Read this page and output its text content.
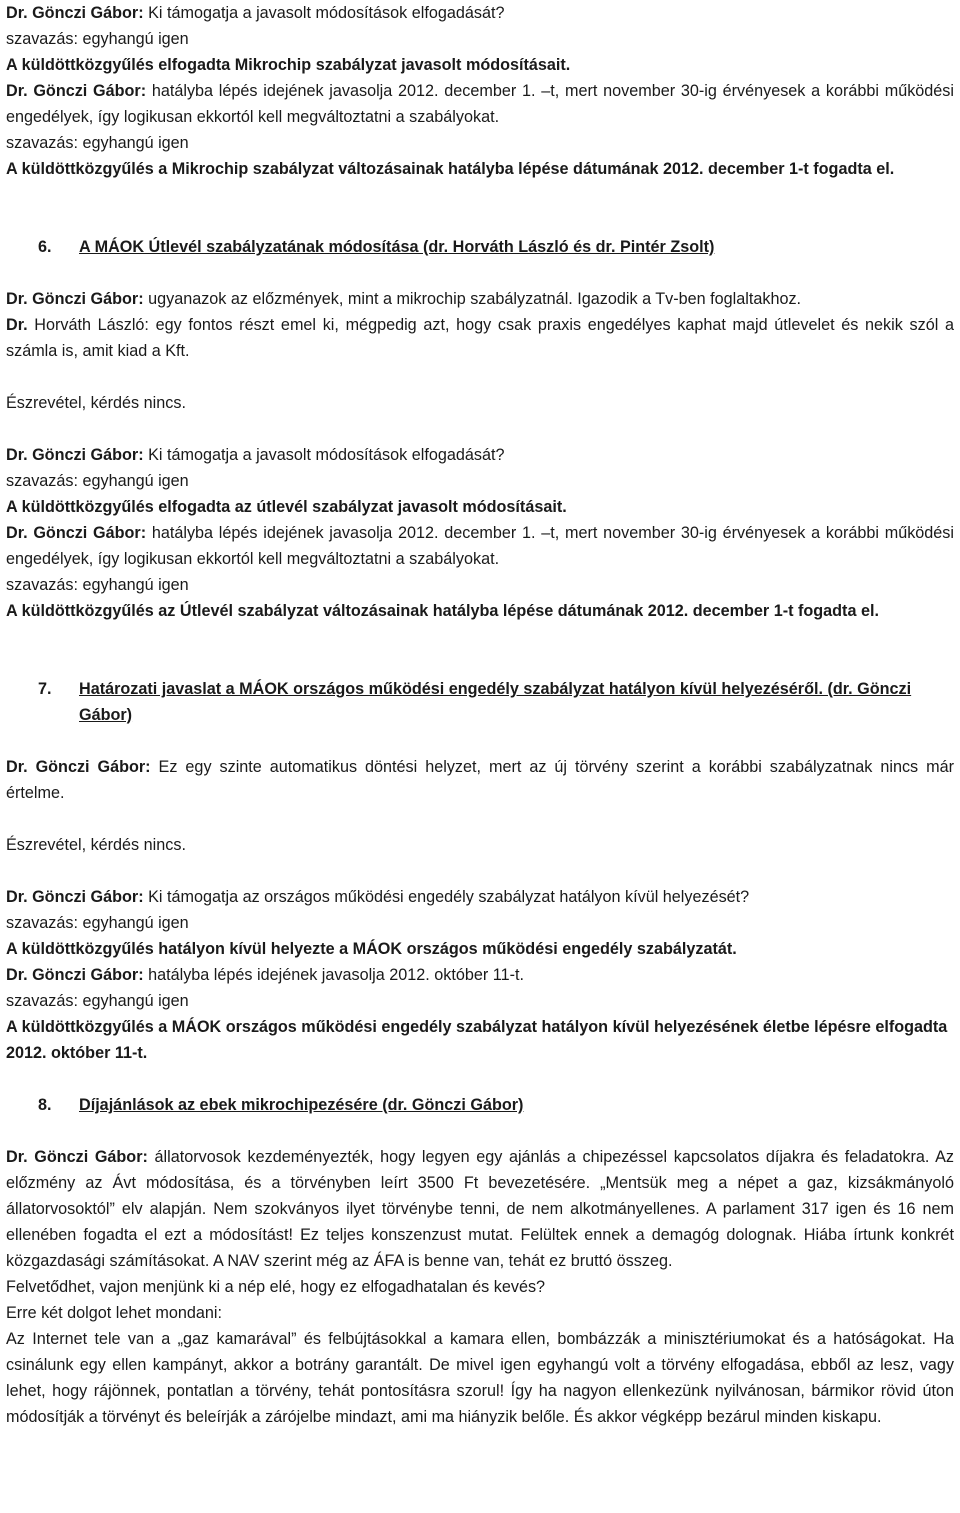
Dr. Gönczi Gábor: Ki támogatja a javasolt módosítások elfogadását?

szavazás: egyhangú igen

A küldöttközgyűlés elfogadta Mikrochip szabályzat javasolt módosításait.

Dr. Gönczi Gábor: hatályba lépés idejének javasolja 2012. december 1. –t, mert november 30-ig érvényesek a korábbi működési engedélyek, így logikusan ekkortól kell megváltoztatni a szabályokat.

szavazás: egyhangú igen

A küldöttközgyűlés a Mikrochip szabályzat változásainak hatályba lépése dátumának 2012. december 1-t fogadta el.

6.	A MÁOK Útlevél szabályzatának módosítása (dr. Horváth László és dr. Pintér Zsolt)

Dr. Gönczi Gábor: ugyanazok az előzmények, mint a mikrochip szabályzatnál. Igazodik a Tv-ben foglaltakhoz.

Dr. Horváth László: egy fontos részt emel ki, mégpedig azt, hogy csak praxis engedélyes kaphat majd útlevelet és nekik szól a számla is, amit kiad a Kft.

Észrevétel, kérdés nincs.

Dr. Gönczi Gábor: Ki támogatja a javasolt módosítások elfogadását?

szavazás: egyhangú igen

A küldöttközgyűlés elfogadta az útlevél szabályzat javasolt módosításait.

Dr. Gönczi Gábor: hatályba lépés idejének javasolja 2012. december 1. –t, mert november 30-ig érvényesek a korábbi működési engedélyek, így logikusan ekkortól kell megváltoztatni a szabályokat.

szavazás: egyhangú igen

A küldöttközgyűlés az Útlevél szabályzat változásainak hatályba lépése dátumának 2012. december 1-t fogadta el.

7.	Határozati javaslat a MÁOK országos működési engedély szabályzat hatályon kívül helyezéséről. (dr. Gönczi Gábor)

Dr. Gönczi Gábor: Ez egy szinte automatikus döntési helyzet, mert az új törvény szerint a korábbi szabályzatnak nincs már értelme.

Észrevétel, kérdés nincs.

Dr. Gönczi Gábor: Ki támogatja az országos működési engedély szabályzat hatályon kívül helyezését?

szavazás: egyhangú igen

A küldöttközgyűlés hatályon kívül helyezte a MÁOK országos működési engedély szabályzatát.

Dr. Gönczi Gábor: hatályba lépés idejének javasolja 2012. október 11-t.

szavazás: egyhangú igen

A küldöttközgyűlés a MÁOK országos működési engedély szabályzat hatályon kívül helyezésének életbe lépésre elfogadta 2012. október 11-t.

8.	Díjajánlások az ebek mikrochipezésére (dr. Gönczi Gábor)

Dr. Gönczi Gábor: állatorvosok kezdeményezték, hogy legyen egy ajánlás a chipezéssel kapcsolatos díjakra és feladatokra. Az előzmény az Ávt módosítása, és a törvényben leírt 3500 Ft bevezetésére. „Mentsük meg a népet a gaz, kizsákmányoló állatorvosoktól” elv alapján. Nem szokványos ilyet törvénybe tenni, de nem alkotmányellenes. A parlament 317 igen és 16 nem ellenében fogadta el ezt a módosítást! Ez teljes konszenzust mutat. Felültek ennek a demagóg dolognak. Hiába írtunk konkrét közgazdasági számításokat. A NAV szerint még az ÁFA is benne van, tehát ez bruttó összeg.

Felvetődhet, vajon menjünk ki a nép elé, hogy ez elfogadhatalan és kevés?

Erre két dolgot lehet mondani:

Az Internet tele van a „gaz kamarával” és felbújtásokkal a kamara ellen, bombázzák a minisztériumokat és a hatóságokat. Ha csinálunk egy ellen kampányt, akkor a botrány garantált. De mivel igen egyhangú volt a törvény elfogadása, ebből az lesz, vagy lehet, hogy rájönnek, pontatlan a törvény, tehát pontosításra szorul! Így ha nagyon ellenkezünk nyilvánosan, bármikor rövid úton módosítják a törvényt és beleírják a zárójelbe mindazt, ami ma hiányzik belőle. És akkor végképp bezárul minden kiskapu.
